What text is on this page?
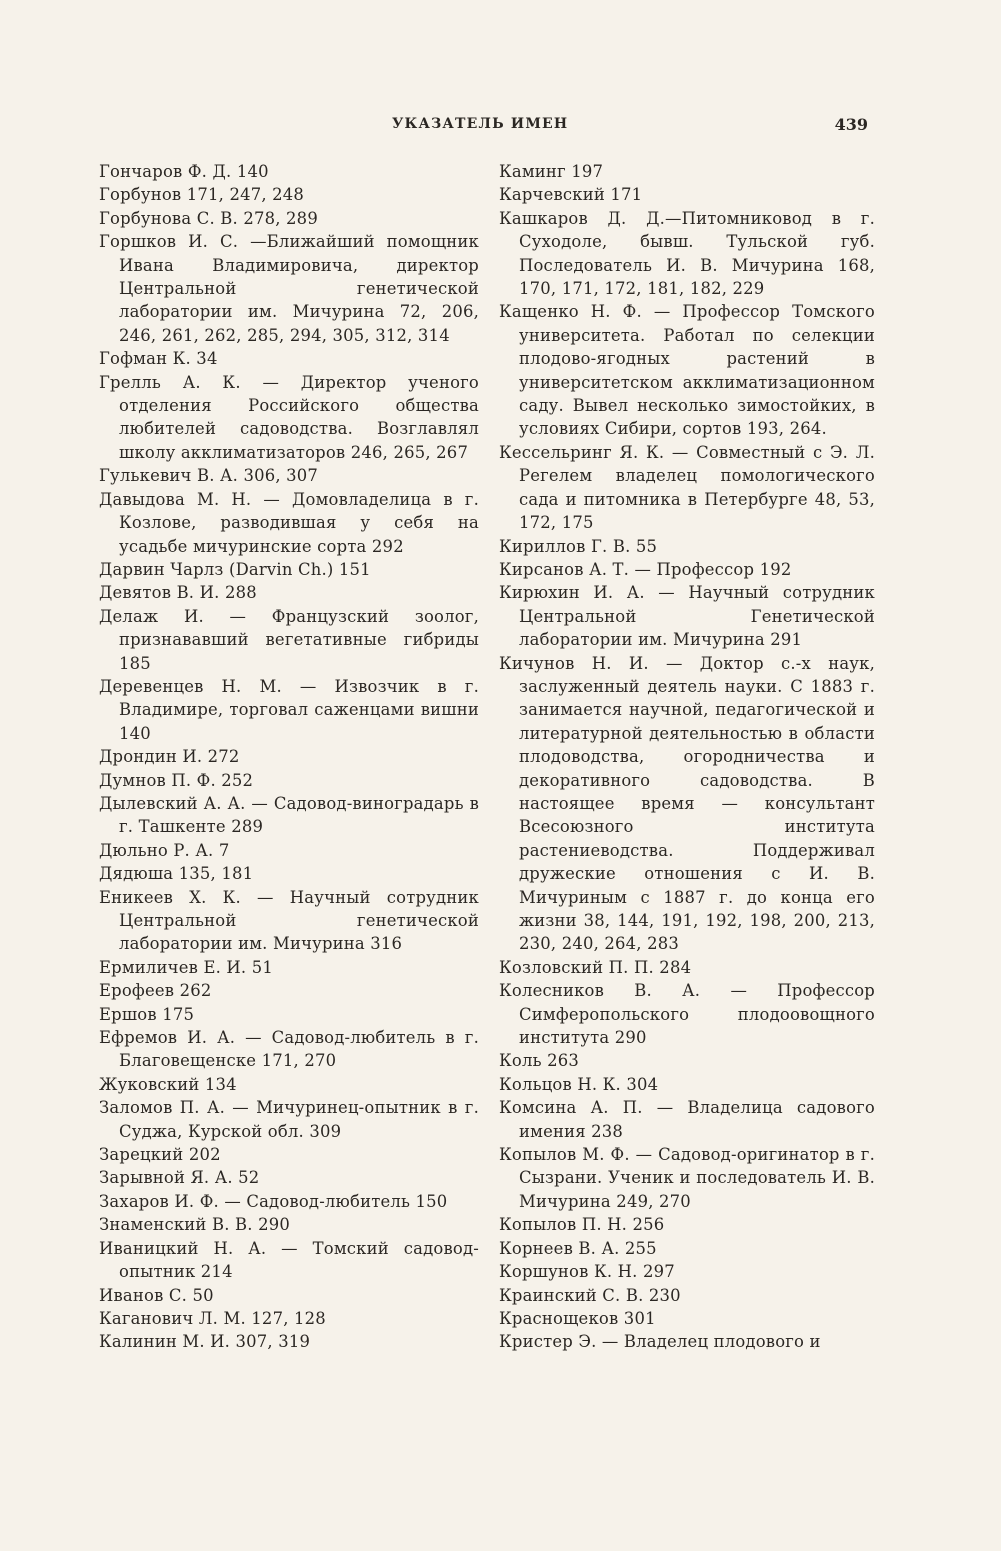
УКАЗАТЕЛЬ ИМЕН	439

Гончаров Ф. Д. 140

Горбунов 171, 247, 248

Горбунова С. В. 278, 289

Горшков И. С. —Ближайший помощник Ивана Владимировича, директор Центральной генетической лаборатории им. Мичурина 72, 206, 246, 261, 262, 285, 294, 305, 312, 314

Гофман К. 34

Грелль А. К. — Директор ученого отделения Российского общества любителей садоводства. Возглавлял школу акклиматизаторов 246, 265, 267

Гулькевич В. А. 306, 307

Давыдова М. Н. — Домовладелица в г. Козлове, разводившая у себя на усадьбе мичуринские сорта 292

Дарвин Чарлз (Darvin Ch.) 151

Девятов В. И. 288

Делаж И. — Французский зоолог, признававший вегетативные гибриды 185

Деревенцев Н. М. — Извозчик в г. Владимире, торговал саженцами вишни 140

Дрондин И. 272

Думнов П. Ф. 252

Дылевский А. А. — Садовод-виноградарь в г. Ташкенте 289

Дюльно Р. А. 7

Дядюша 135, 181

Еникеев Х. К. — Научный сотрудник Центральной генетической лаборатории им. Мичурина 316

Ермиличев Е. И. 51

Ерофеев 262

Ершов 175

Ефремов И. А. — Садовод-любитель в г. Благовещенске 171, 270

Жуковский 134

Заломов П. А. — Мичуринец-опытник в г. Суджа, Курской обл. 309

Зарецкий 202

Зарывной Я. А. 52

Захаров И. Ф. — Садовод-любитель 150

Знаменский В. В. 290

Иваницкий Н. А. — Томский садовод-опытник 214

Иванов С. 50

Каганович Л. М. 127, 128

Калинин М. И. 307, 319

Каминг 197

Карчевский 171

Кашкаров Д. Д.—Питомниковод в г. Суходоле, бывш. Тульской губ. Последователь И. В. Мичурина 168, 170, 171, 172, 181, 182, 229

Кащенко Н. Ф. — Профессор Томского университета. Работал по селекции плодово-ягодных растений в университетском акклиматизационном саду. Вывел несколько зимостойких, в условиях Сибири, сортов 193, 264.

Кессельринг Я. К. — Совместный с Э. Л. Регелем владелец помологического сада и питомника в Петербурге 48, 53, 172, 175

Кириллов Г. В. 55

Кирсанов А. Т. — Профессор 192

Кирюхин И. А. — Научный сотрудник Центральной Генетической лаборатории им. Мичурина 291

Кичунов Н. И. — Доктор с.-х наук, заслуженный деятель науки. С 1883 г. занимается научной, педагогической и литературной деятельностью в области плодоводства, огородничества и декоративного садоводства. В настоящее время — консультант Всесоюзного института растениеводства. Поддерживал дружеские отношения с И. В. Мичуриным с 1887 г. до конца его жизни 38, 144, 191, 192, 198, 200, 213, 230, 240, 264, 283

Козловский П. П. 284

Колесников В. А. — Профессор Симферопольского плодоовощного института 290

Коль 263

Кольцов Н. К. 304

Комсина А. П. — Владелица садового имения 238

Копылов М. Ф. — Садовод-оригинатор в г. Сызрани. Ученик и последователь И. В. Мичурина 249, 270

Копылов П. Н. 256

Корнеев В. А. 255

Коршунов К. Н. 297

Краинский С. В. 230

Краснощеков 301

Кристер Э. — Владелец плодового и
